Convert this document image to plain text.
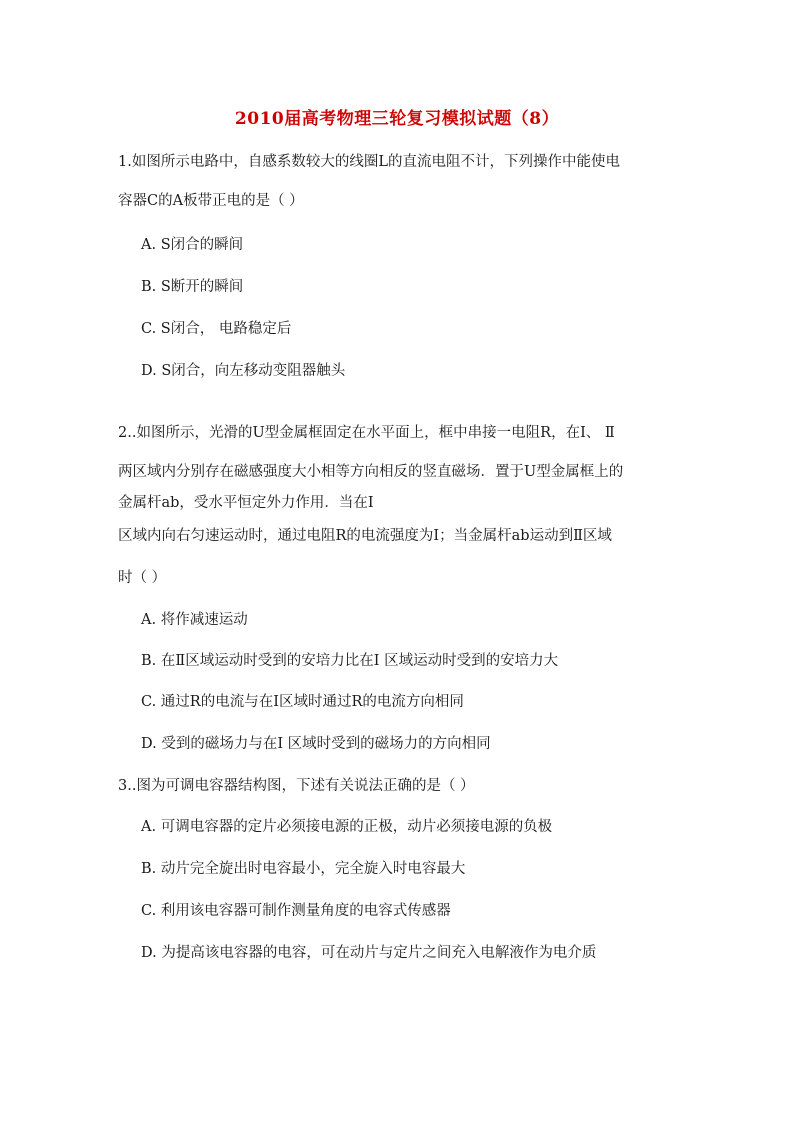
2010届高考物理三轮复习模拟试题（8）
1.如图所示电路中，自感系数较大的线圈L的直流电阻不计，下列操作中能使电
容器C的A板带正电的是（ ）
A. S闭合的瞬间
B. S断开的瞬间
C. S闭合， 电路稳定后
D. S闭合，向左移动变阻器触头
2..如图所示，光滑的U型金属框固定在水平面上，框中串接一电阻R，在I、 Ⅱ
两区域内分别存在磁感强度大小相等方向相反的竖直磁场．置于U型金属框上的
金属杆ab，受水平恒定外力作用．当在I
区域内向右匀速运动时，通过电阻R的电流强度为I；当金属杆ab运动到Ⅱ区域
时（ ）
A. 将作减速运动
B. 在Ⅱ区域运动时受到的安培力比在I 区域运动时受到的安培力大
C. 通过R的电流与在I区域时通过R的电流方向相同
D. 受到的磁场力与在I 区域时受到的磁场力的方向相同
3..图为可调电容器结构图，下述有关说法正确的是（ ）
A. 可调电容器的定片必须接电源的正极，动片必须接电源的负极
B. 动片完全旋出时电容最小，完全旋入时电容最大
C. 利用该电容器可制作测量角度的电容式传感器
D. 为提高该电容器的电容，可在动片与定片之间充入电解液作为电介质
